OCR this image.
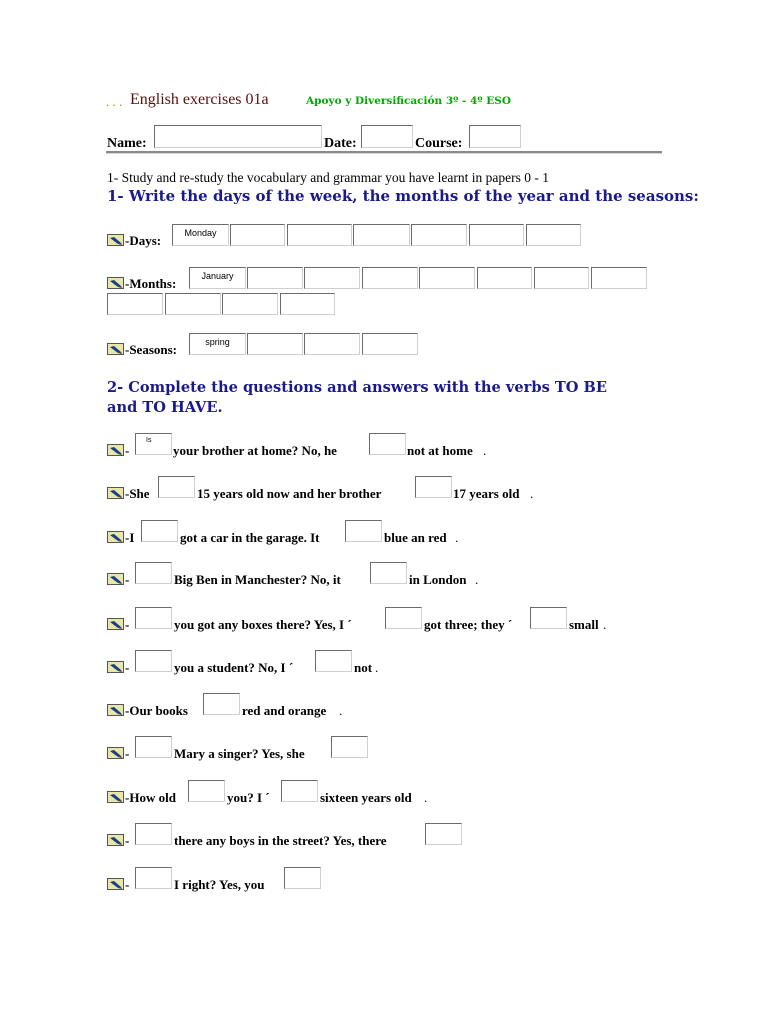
. . . English exercises 01a	Apoyo y Diversificación 3º - 4º ESO
Name:	Date:	Course:
1- Study and re-study the vocabulary and grammar you have learnt in papers 0 - 1
1- Write the days of the week, the months of the year and the seasons:
-Days:	Monday
-Months:	January
-Seasons:	spring
2- Complete the questions and answers with the verbs TO BE and TO HAVE.
-
Is
your brother at home? No, he	not at home .
-She	15 years old now and her brother	17 years old .
-I	got a car in the garage. It	blue an red .
-	Big Ben in Manchester? No, it	in London .
-	you got any boxes there? Yes, I ´	got three; they ´	small .
-	you a student? No, I ´	not .
-Our books	red and orange .
-	Mary a singer? Yes, she
-How old	you? I ´	sixteen years old .
-	there any boys in the street? Yes, there
-	I right? Yes, you
